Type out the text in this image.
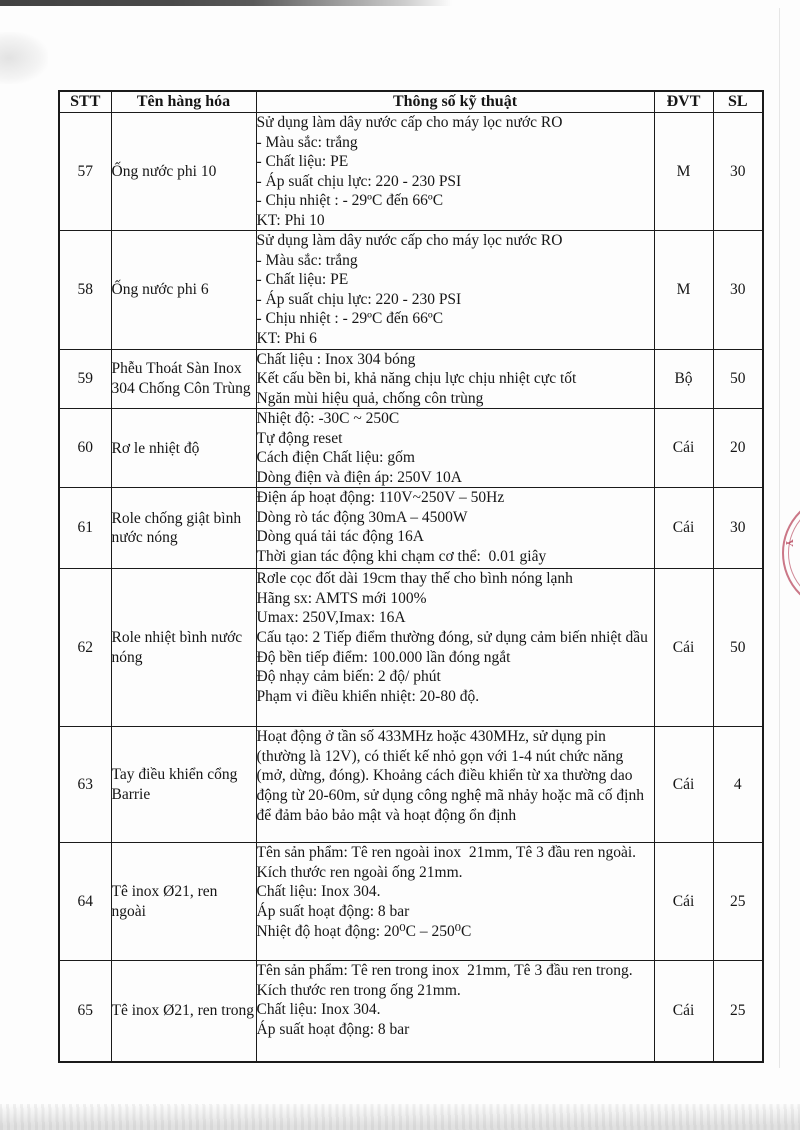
Y
STT	Tên hàng hóa	Thông số kỹ thuật	ĐVT	SL
57	Ống nước phi 10	
Sử dụng làm dây nước cấp cho máy lọc nước RO
- Màu sắc: trắng
- Chất liệu: PE
- Áp suất chịu lực: 220 - 230 PSI
- Chịu nhiệt : - 29ºC đến 66ºC
KT: Phi 10
	M	30
58	Ống nước phi 6	
Sử dụng làm dây nước cấp cho máy lọc nước RO
- Màu sắc: trắng
- Chất liệu: PE
- Áp suất chịu lực: 220 - 230 PSI
- Chịu nhiệt : - 29ºC đến 66ºC
KT: Phi 6
	M	30
59	Phễu Thoát Sàn Inox 304 Chống Côn Trùng	Chất liệu : Inox 304 bóng
Kết cấu bền bi, khả năng chịu lực chịu nhiệt cực tốt
Ngăn mùi hiệu quả, chống côn trùng	Bộ	50
60	Rơ le nhiệt độ	Nhiệt độ: -30C ~ 250C
Tự động reset
Cách điện Chất liệu: gốm
Dòng điện và điện áp: 250V 10A	Cái	20
61	Role chống giật bình nước nóng	Điện áp hoạt động: 110V~250V – 50Hz
Dòng rò tác động 30mA – 4500W
Dòng quá tải tác động 16A
Thời gian tác động khi chạm cơ thể:  0.01 giây	Cái	30
62	Role nhiệt bình nước nóng	
Rơle cọc đốt dài 19cm thay thế cho bình nóng lạnh
Hãng sx: AMTS mới 100%
Umax: 250V,Imax: 16A
Cấu tạo: 2 Tiếp điểm thường đóng, sử dụng cảm biến nhiệt dầu
Độ bền tiếp điểm: 100.000 lần đóng ngắt
Độ nhạy cảm biến: 2 độ/ phút
Phạm vi điều khiển nhiệt: 20-80 độ.
	Cái	50
63	Tay điều khiển cổng Barrie	Hoạt động ở tần số 433MHz hoặc 430MHz, sử dụng pin (thường là 12V), có thiết kế nhỏ gọn với 1-4 nút chức năng (mở, dừng, đóng). Khoảng cách điều khiển từ xa thường dao động từ 20-60m, sử dụng công nghệ mã nhảy hoặc mã cố định để đảm bảo bảo mật và hoạt động ổn định	Cái	4
64	Tê inox Ø21, ren ngoài	Tên sản phẩm: Tê ren ngoài inox  21mm, Tê 3 đầu ren ngoài.
Kích thước ren ngoài ống 21mm.
Chất liệu: Inox 304.
Áp suất hoạt động: 8 bar
Nhiệt độ hoạt động: 20⁰C – 250⁰C	Cái	25
65	Tê inox Ø21, ren trong	Tên sản phẩm: Tê ren trong inox  21mm, Tê 3 đầu ren trong.
Kích thước ren trong ống 21mm.
Chất liệu: Inox 304.
Áp suất hoạt động: 8 bar	Cái	25
